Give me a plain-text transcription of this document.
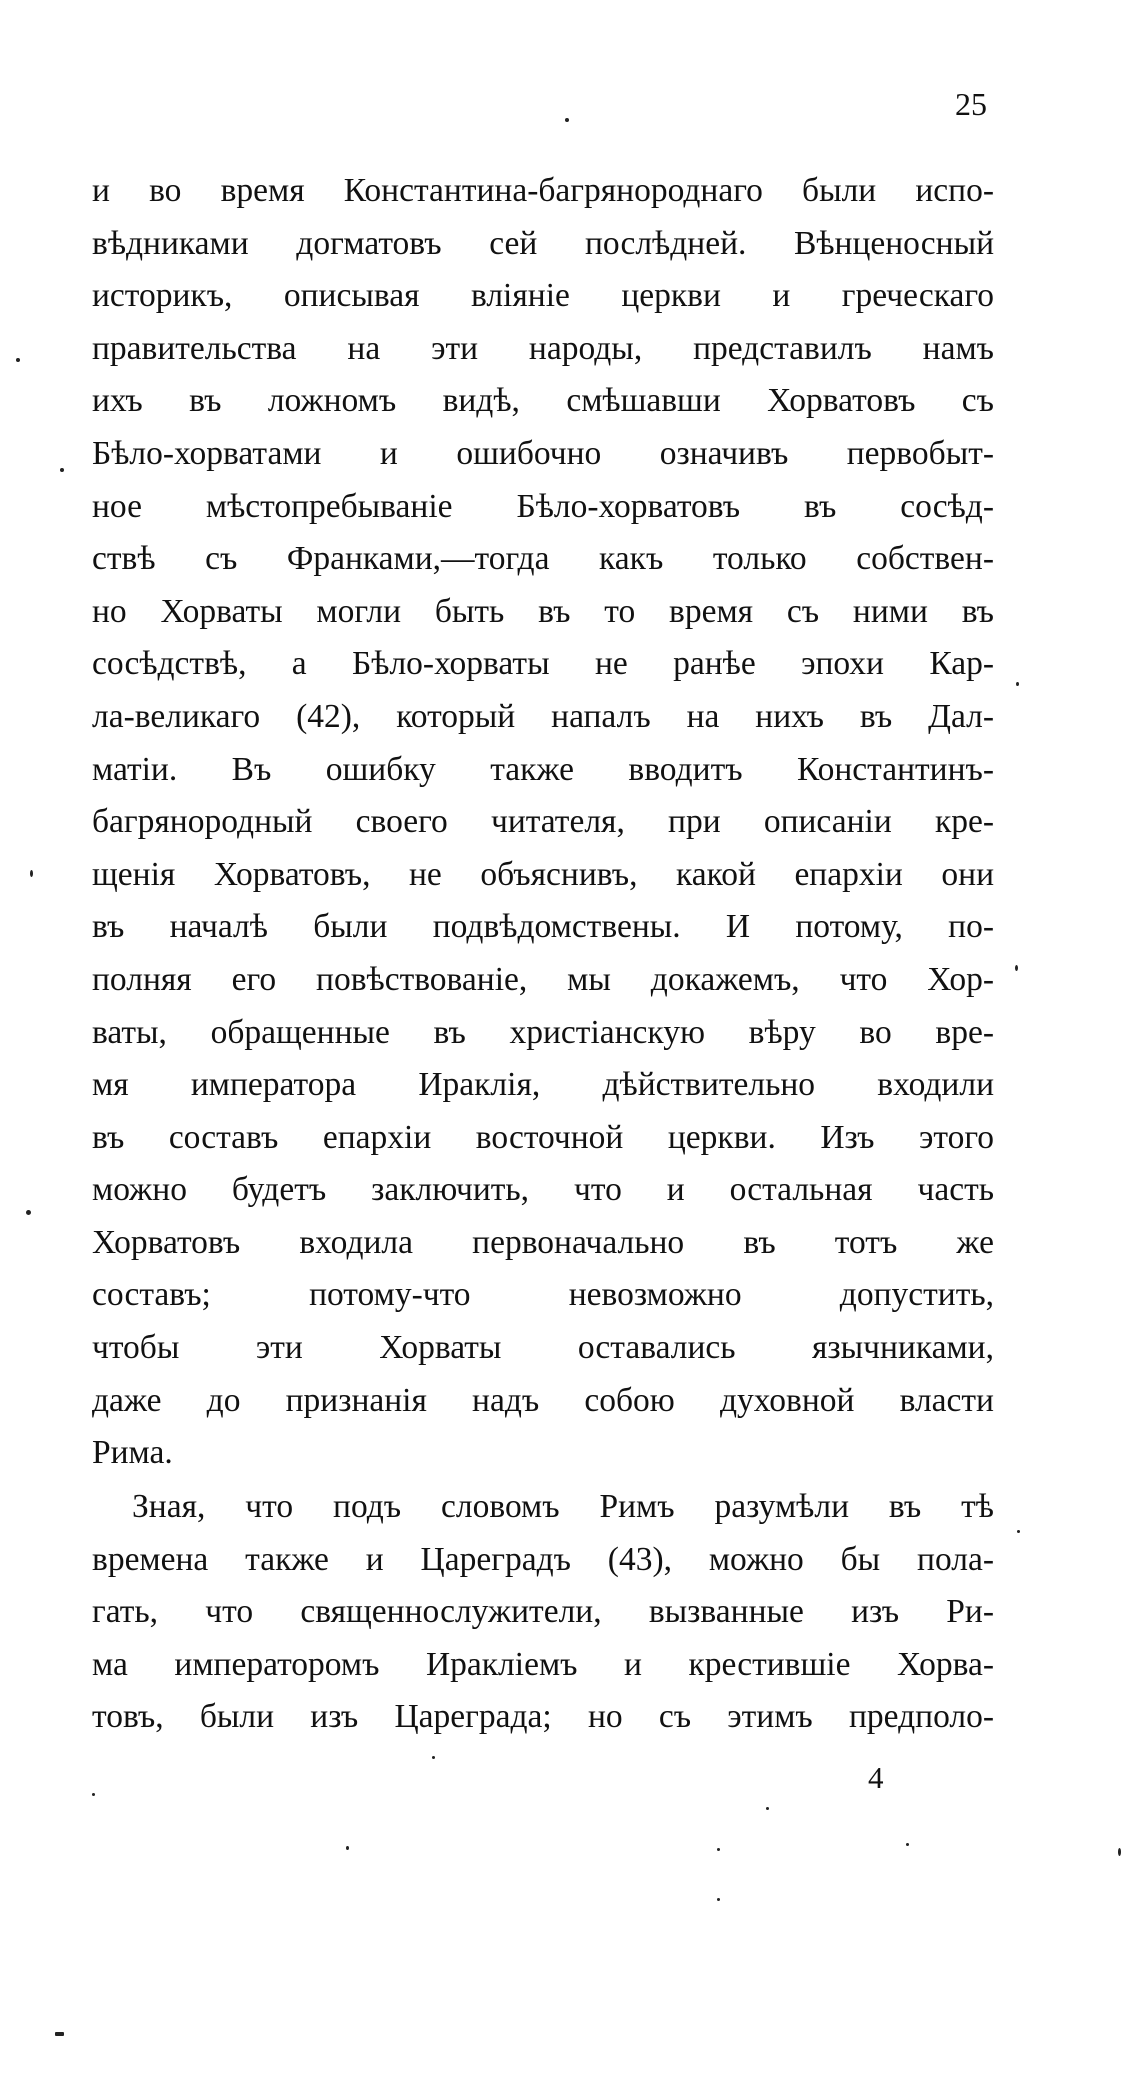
25
и во время Константина-багрянороднаго были испо-
вѣдниками догматовъ сей послѣдней. Вѣнценосный
историкъ, описывая вліяніе церкви и греческаго
правительства на эти народы, представилъ намъ
ихъ въ ложномъ видѣ, смѣшавши Хорватовъ съ
Бѣло-хорватами и ошибочно означивъ первобыт-
ное мѣстопребываніе Бѣло-хорватовъ въ сосѣд-
ствѣ съ Франками,—тогда какъ только собствен-
но Хорваты могли быть въ то время съ ними въ
сосѣдствѣ, а Бѣло-хорваты не ранѣе эпохи Кар-
ла-великаго (42), который напалъ на нихъ въ Дал-
матіи. Въ ошибку также вводитъ Константинъ-
багрянородный своего читателя, при описаніи кре-
щенія Хорватовъ, не объяснивъ, какой епархіи они
въ началѣ были подвѣдомствены. И потому, по-
полняя его повѣствованіе, мы докажемъ, что Хор-
ваты, обращенные въ христіанскую вѣру во вре-
мя императора Ираклія, дѣйствительно входили
въ составъ епархіи восточной церкви. Изъ этого
можно будетъ заключить, что и остальная часть
Хорватовъ входила первоначально въ тотъ же
составъ; потому-что невозможно допустить,
чтобы эти Хорваты оставались язычниками,
даже до признанія надъ собою духовной власти
Рима.
Зная, что подъ словомъ Римъ разумѣли въ тѣ
времена также и Цареградъ (43), можно бы пола-
гать, что священнослужители, вызванные изъ Ри-
ма императоромъ Ираклiемъ и крестившіе Хорва-
товъ, были изъ Цареграда; но съ этимъ предполо-
4
